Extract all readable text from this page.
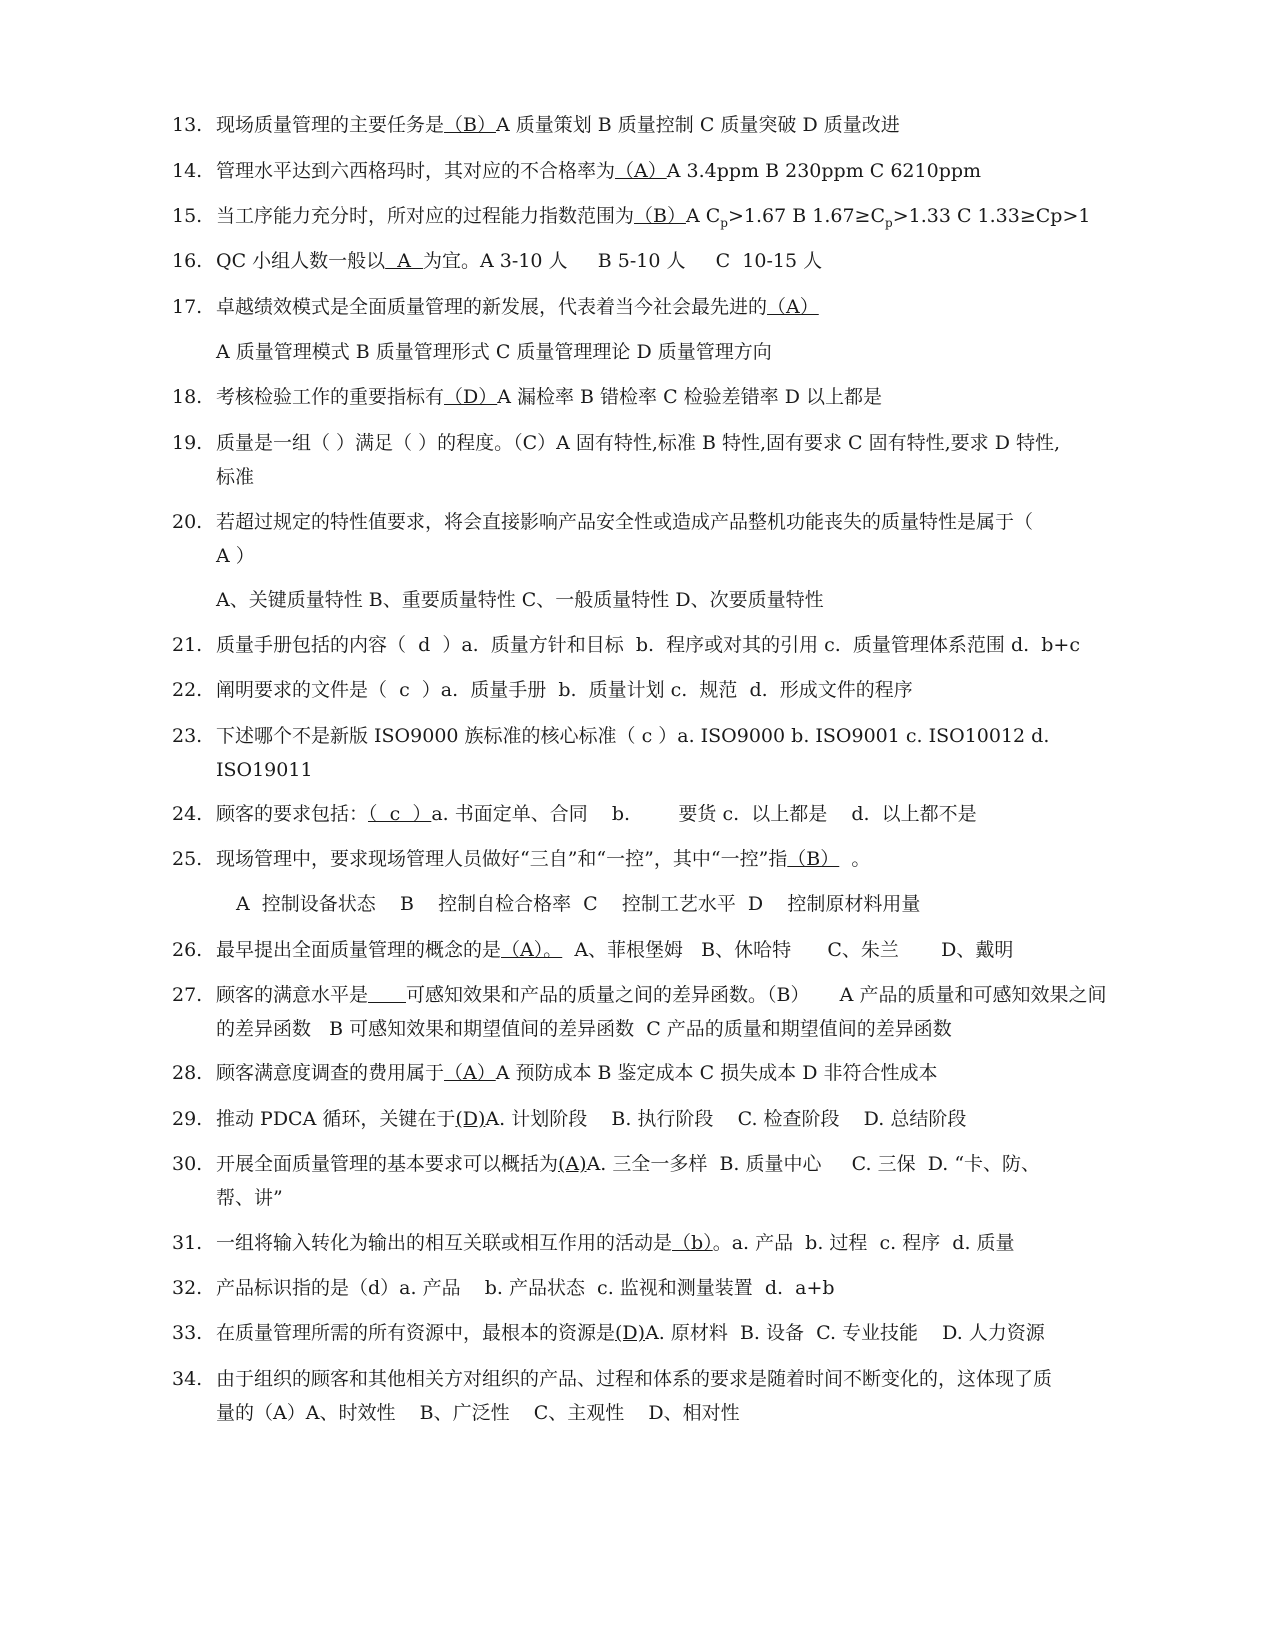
13. 现场质量管理的主要任务是（B）A 质量策划 B 质量控制 C 质量突破 D 质量改进
14. 管理水平达到六西格玛时，其对应的不合格率为（A）A 3.4ppm B 230ppm C 6210ppm
15. 当工序能力充分时，所对应的过程能力指数范围为（B）A $C_p>1.67$ B $1.67\ge C_p>1.33$ C 1.33≥Cp>1
16. QC 小组人数一般以  A  为宜。A 3-10 人     B 5-10 人     C  10-15 人
17. 卓越绩效模式是全面质量管理的新发展，代表着当今社会最先进的（A）
A 质量管理模式 B 质量管理形式 C 质量管理理论 D 质量管理方向
18. 考核检验工作的重要指标有（D）A 漏检率 B 错检率 C 检验差错率 D 以上都是
19. 质量是一组（ ）满足（ ）的程度。（C）A 固有特性,标准 B 特性,固有要求 C 固有特性,要求 D 特性,标准
20. 若超过规定的特性值要求，将会直接影响产品安全性或造成产品整机功能丧失的质量特性是属于（ A ）
A、关键质量特性 B、重要质量特性 C、一般质量特性 D、次要质量特性
21. 质量手册包括的内容（  d  ）a.  质量方针和目标  b.  程序或对其的引用 c.  质量管理体系范围 d.  b+c
22. 阐明要求的文件是（  c  ）a.  质量手册  b.  质量计划 c.  规范  d.  形成文件的程序
23. 下述哪个不是新版 ISO9000 族标准的核心标准（ c ）a. ISO9000 b. ISO9001 c. ISO10012 d. ISO19011
24. 顾客的要求包括：（  c  ）a. 书面定单、合同    b.        要货 c.  以上都是    d.  以上都不是
25. 现场管理中，要求现场管理人员做好“三自”和“一控”，其中“一控”指（B）  。
A  控制设备状态    B    控制自检合格率  C    控制工艺水平  D    控制原材料用量
26. 最早提出全面质量管理的概念的是（A）。  A、菲根堡姆   B、休哈特      C、朱兰       D、戴明
27. 顾客的满意水平是 可感知效果和产品的质量之间的差异函数。（B）     A 产品的质量和可感知效果之间的差异函数   B 可感知效果和期望值间的差异函数  C 产品的质量和期望值间的差异函数
28. 顾客满意度调查的费用属于（A）A 预防成本 B 鉴定成本 C 损失成本 D 非符合性成本
29. 推动 PDCA 循环，关键在于(D)A. 计划阶段    B. 执行阶段    C. 检查阶段    D. 总结阶段
30. 开展全面质量管理的基本要求可以概括为(A)A. 三全一多样  B. 质量中心     C. 三保  D. “卡、防、帮、讲”
31. 一组将输入转化为输出的相互关联或相互作用的活动是（b）。a. 产品  b. 过程  c. 程序  d. 质量
32. 产品标识指的是（d）a. 产品    b. 产品状态  c. 监视和测量装置  d.  a+b
33. 在质量管理所需的所有资源中，最根本的资源是(D)A. 原材料  B. 设备  C. 专业技能    D. 人力资源
34. 由于组织的顾客和其他相关方对组织的产品、过程和体系的要求是随着时间不断变化的，这体现了质量的（A）A、时效性    B、广泛性    C、主观性    D、相对性
